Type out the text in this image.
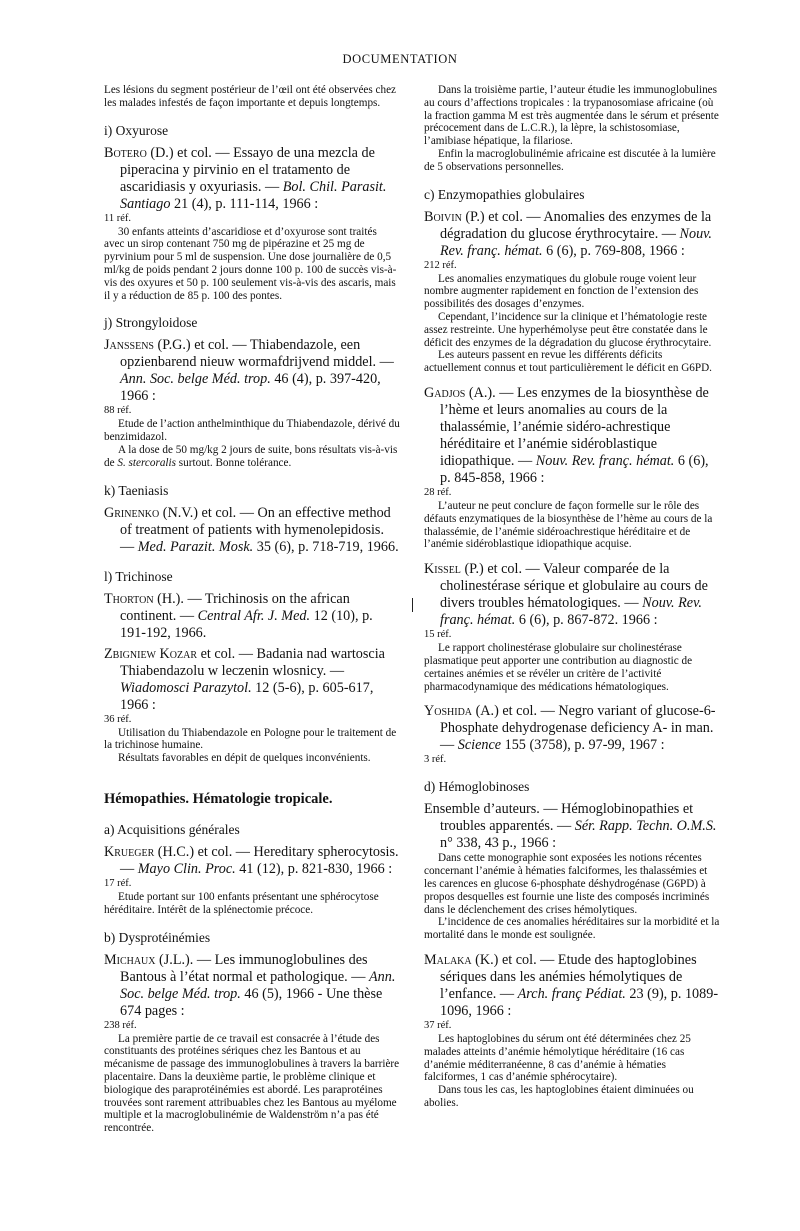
DOCUMENTATION

Les lésions du segment postérieur de l’œil ont été observées chez les malades infestés de façon importante et depuis longtemps.

i) Oxyurose

Botero (D.) et col. — Essayo de una mezcla de piperacina y pirvinio en el tratamento de ascaridiasis y oxyuriasis. — Bol. Chil. Parasit. Santiago 21 (4), p. 111-114, 1966 :

11 réf.

30 enfants atteints d’ascaridiose et d’oxyurose sont traités avec un sirop contenant 750 mg de pipérazine et 25 mg de pyrvinium pour 5 ml de suspension. Une dose journalière de 0,5 ml/kg de poids pendant 2 jours donne 100 p. 100 de succès vis-à-vis des oxyures et 50 p. 100 seulement vis-à-vis des ascaris, mais il y a réduction de 85 p. 100 des pontes.

j) Strongyloidose

Janssens (P.G.) et col. — Thiabendazole, een opzienbarend nieuw wormafdrijvend middel. — Ann. Soc. belge Méd. trop. 46 (4), p. 397-420, 1966 :

88 réf.

Etude de l’action anthelminthique du Thiabendazole, dérivé du benzimidazol.

A la dose de 50 mg/kg 2 jours de suite, bons résultats vis-à-vis de S. stercoralis surtout. Bonne tolérance.

k) Taeniasis

Grinenko (N.V.) et col. — On an effective method of treatment of patients with hymenolepidosis. — Med. Parazit. Mosk. 35 (6), p. 718-719, 1966.

l) Trichinose

Thorton (H.). — Trichinosis on the african continent. — Central Afr. J. Med. 12 (10), p. 191-192, 1966.

Zbigniew Kozar et col. — Badania nad wartoscia Thiabendazolu w leczenin wlosnicy. — Wiadomosci Parazytol. 12 (5-6), p. 605-617, 1966 :

36 réf.

Utilisation du Thiabendazole en Pologne pour le traitement de la trichinose humaine.

Résultats favorables en dépit de quelques inconvénients.

Hémopathies. Hématologie tropicale.
a) Acquisitions générales

Krueger (H.C.) et col. — Hereditary spherocytosis. — Mayo Clin. Proc. 41 (12), p. 821-830, 1966 :

17 réf.

Etude portant sur 100 enfants présentant une sphérocytose héréditaire. Intérêt de la splénectomie précoce.

b) Dysprotéinémies

Michaux (J.L.). — Les immunoglobulines des Bantous à l’état normal et pathologique. — Ann. Soc. belge Méd. trop. 46 (5), 1966 - Une thèse 674 pages :

238 réf.

La première partie de ce travail est consacrée à l’étude des constituants des protéines sériques chez les Bantous et au mécanisme de passage des immunoglobulines à travers la barrière placentaire. Dans la deuxième partie, le problème clinique et biologique des paraprotéinémies est abordé. Les paraprotéines trouvées sont rarement attribuables chez les Bantous au myélome multiple et la macroglobulinémie de Waldenström n’a pas été rencontrée.

Dans la troisième partie, l’auteur étudie les immunoglobulines au cours d’affections tropicales : la trypanosomiase africaine (où la fraction gamma M est très augmentée dans le sérum et présente précocement dans de L.C.R.), la lèpre, la schistosomiase, l’amibiase hépatique, la filariose.

Enfin la macroglobulinémie africaine est discutée à la lumière de 5 observations personnelles.

c) Enzymopathies globulaires

Boivin (P.) et col. — Anomalies des enzymes de la dégradation du glucose érythrocytaire. — Nouv. Rev. franç. hémat. 6 (6), p. 769-808, 1966 :

212 réf.

Les anomalies enzymatiques du globule rouge voient leur nombre augmenter rapidement en fonction de l’extension des possibilités des dosages d’enzymes.

Cependant, l’incidence sur la clinique et l’hématologie reste assez restreinte. Une hyperhémolyse peut être constatée dans le déficit des enzymes de la dégradation du glucose érythrocytaire.

Les auteurs passent en revue les différents déficits actuellement connus et tout particulièrement le déficit en G6PD.

Gadjos (A.). — Les enzymes de la biosynthèse de l’hème et leurs anomalies au cours de la thalassémie, l’anémie sidéro-achrestique héréditaire et l’anémie sidéroblastique idiopathique. — Nouv. Rev. franç. hémat. 6 (6), p. 845-858, 1966 :

28 réf.

L’auteur ne peut conclure de façon formelle sur le rôle des défauts enzymatiques de la biosynthèse de l’hème au cours de la thalassémie, de l’anémie sidéroachrestique héréditaire et de l’anémie sidéroblastique idiopathique acquise.

Kissel (P.) et col. — Valeur comparée de la cholinestérase sérique et globulaire au cours de divers troubles hématologiques. — Nouv. Rev. franç. hémat. 6 (6), p. 867-872. 1966 :

15 réf.

Le rapport cholinestérase globulaire sur cholinestérase plasmatique peut apporter une contribution au diagnostic de certaines anémies et se révéler un critère de l’activité pharmacodynamique des médications hématologiques.

Yoshida (A.) et col. — Negro variant of glucose-6-Phosphate dehydrogenase deficiency A- in man. — Science 155 (3758), p. 97-99, 1967 :

3 réf.

d) Hémoglobinoses

Ensemble d’auteurs. — Hémoglobinopathies et troubles apparentés. — Sér. Rapp. Techn. O.M.S. n° 338, 43 p., 1966 :

Dans cette monographie sont exposées les notions récentes concernant l’anémie à hématies falciformes, les thalassémies et les carences en glucose 6-phosphate déshydrogénase (G6PD) à propos desquelles est fournie une liste des composés incriminés dans le déclenchement des crises hémolytiques.

L’incidence de ces anomalies héréditaires sur la morbidité et la mortalité dans le monde est soulignée.

Malaka (K.) et col. — Etude des haptoglobines sériques dans les anémies hémolytiques de l’enfance. — Arch. franç Pédiat. 23 (9), p. 1089-1096, 1966 :

37 réf.

Les haptoglobines du sérum ont été déterminées chez 25 malades atteints d’anémie hémolytique héréditaire (16 cas d’anémie méditerranéenne, 8 cas d’anémie à hématies falciformes, 1 cas d’anémie sphérocytaire).

Dans tous les cas, les haptoglobines étaient diminuées ou abolies.
